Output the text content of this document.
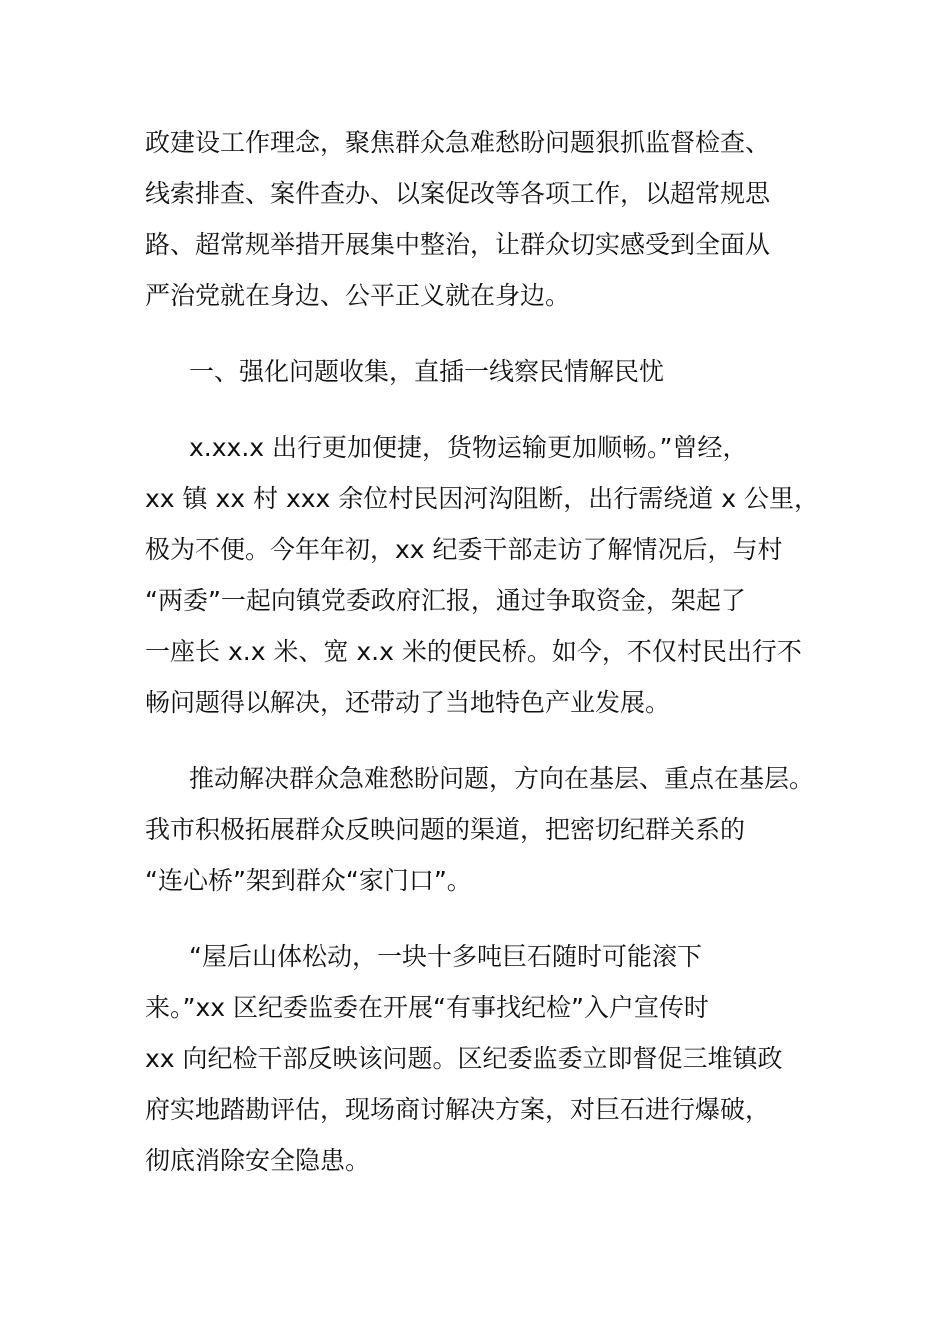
政建设工作理念，聚焦群众急难愁盼问题狠抓监督检查、
线索排查、案件查办、以案促改等各项工作，以超常规思
路、超常规举措开展集中整治，让群众切实感受到全面从
严治党就在身边、公平正义就在身边。
一、强化问题收集，直插一线察民情解民忧
x.xx.x 出行更加便捷，货物运输更加顺畅。”曾经，
xx 镇 xx 村 xxx 余位村民因河沟阻断，出行需绕道 x 公里，
极为不便。今年年初，xx 纪委干部走访了解情况后，与村
“两委”一起向镇党委政府汇报，通过争取资金，架起了
一座长 x.x 米、宽 x.x 米的便民桥。如今，不仅村民出行不
畅问题得以解决，还带动了当地特色产业发展。
推动解决群众急难愁盼问题，方向在基层、重点在基层。
我市积极拓展群众反映问题的渠道，把密切纪群关系的
“连心桥”架到群众“家门口”。
“屋后山体松动，一块十多吨巨石随时可能滚下
来。”xx 区纪委监委在开展“有事找纪检”入户宣传时
xx 向纪检干部反映该问题。区纪委监委立即督促三堆镇政
府实地踏勘评估，现场商讨解决方案，对巨石进行爆破，
彻底消除安全隐患。
